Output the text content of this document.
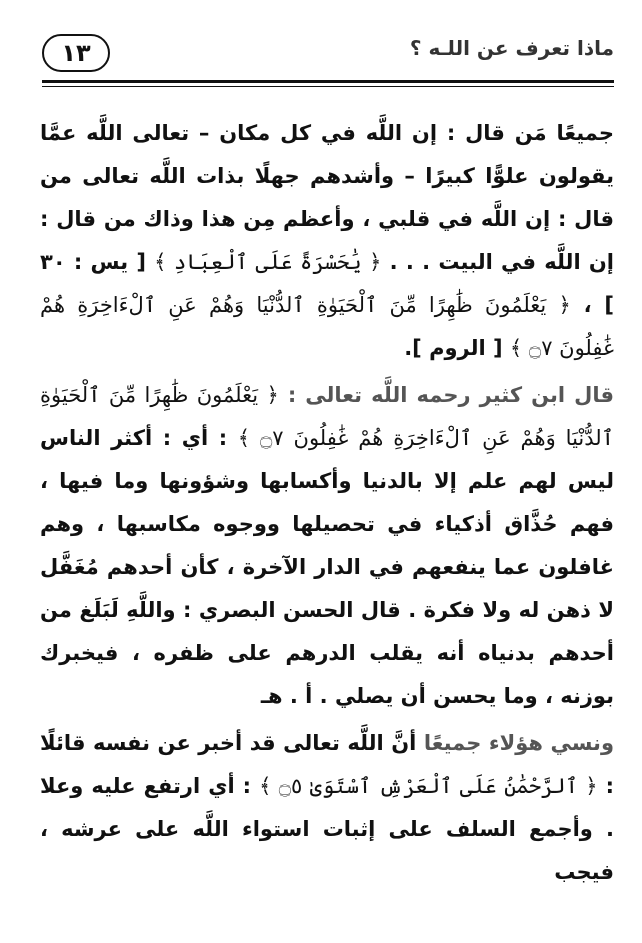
١٣	ماذا تعرف عن اللـه ؟

جميعًا مَن قال : إن اللَّه في كل مكان – تعالى اللَّه عمَّا يقولون علوًّا كبيرًا – وأشدهم جهلًا بذات اللَّه تعالى من قال : إن اللَّه في قلبي ، وأعظم مِن هذا وذاك من قال : إن اللَّه في البيت . . . ﴿ يَٰحَسْرَةً عَلَى ٱلْعِبَادِ ﴾ [ يس : ٣٠ ] ، ﴿ يَعْلَمُونَ ظَٰهِرًا مِّنَ ٱلْحَيَوٰةِ ٱلدُّنْيَا وَهُمْ عَنِ ٱلْءَاخِرَةِ هُمْ غَٰفِلُونَ ۝٧ ﴾ [ الروم ].

قال ابن كثير رحمه اللَّه تعالى : ﴿ يَعْلَمُونَ ظَٰهِرًا مِّنَ ٱلْحَيَوٰةِ ٱلدُّنْيَا وَهُمْ عَنِ ٱلْءَاخِرَةِ هُمْ غَٰفِلُونَ ۝٧ ﴾ : أي : أكثر الناس ليس لهم علم إلا بالدنيا وأكسابها وشؤونها وما فيها ، فهم حُذَّاق أذكياء في تحصيلها ووجوه مكاسبها ، وهم غافلون عما ينفعهم في الدار الآخرة ، كأن أحدهم مُغَفَّل لا ذهن له ولا فكرة . قال الحسن البصري : واللَّهِ لَبَلَغ من أحدهم بدنياه أنه يقلب الدرهم على ظفره ، فيخبرك بوزنه ، وما يحسن أن يصلي . أ . هـ

ونسي هؤلاء جميعًا أنَّ اللَّه تعالى قد أخبر عن نفسه قائلًا : ﴿ ٱلرَّحْمَٰنُ عَلَى ٱلْعَرْشِ ٱسْتَوَىٰ ۝٥ ﴾ : أي ارتفع عليه وعلا . وأجمع السلف على إثبات استواء اللَّه على عرشه ، فيجب
